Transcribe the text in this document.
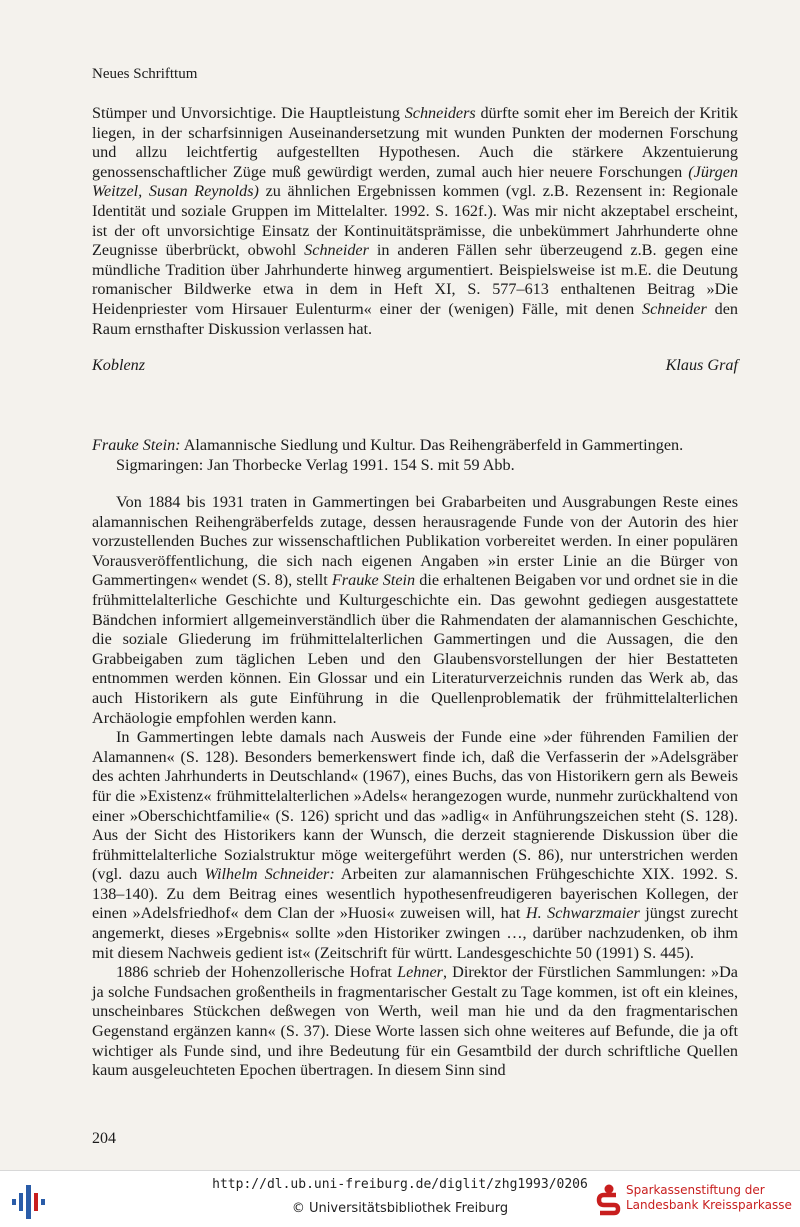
Neues Schrifttum

Stümper und Unvorsichtige. Die Hauptleistung Schneiders dürfte somit eher im Bereich der Kritik liegen, in der scharfsinnigen Auseinandersetzung mit wunden Punkten der modernen Forschung und allzu leichtfertig aufgestellten Hypothesen. Auch die stärkere Akzentuierung genossenschaftlicher Züge muß gewürdigt werden, zumal auch hier neuere Forschungen (Jürgen Weitzel, Susan Reynolds) zu ähnlichen Ergebnissen kommen (vgl. z.B. Rezensent in: Regionale Identität und soziale Gruppen im Mittelalter. 1992. S. 162f.). Was mir nicht akzeptabel erscheint, ist der oft unvorsichtige Einsatz der Kontinuitätsprämisse, die unbekümmert Jahrhunderte ohne Zeugnisse überbrückt, obwohl Schneider in anderen Fällen sehr überzeugend z.B. gegen eine mündliche Tradition über Jahrhunderte hinweg argumentiert. Beispielsweise ist m.E. die Deutung romanischer Bildwerke etwa in dem in Heft XI, S. 577–613 enthaltenen Beitrag »Die Heidenpriester vom Hirsauer Eulenturm« einer der (wenigen) Fälle, mit denen Schneider den Raum ernsthafter Diskussion verlassen hat.

Koblenz	Klaus Graf
Frauke Stein: Alamannische Siedlung und Kultur. Das Reihengräberfeld in Gammertingen.
Sigmaringen: Jan Thorbecke Verlag 1991. 154 S. mit 59 Abb.

Von 1884 bis 1931 traten in Gammertingen bei Grabarbeiten und Ausgrabungen Reste eines alamannischen Reihengräberfelds zutage, dessen herausragende Funde von der Autorin des hier vorzustellenden Buches zur wissenschaftlichen Publikation vorbereitet werden. In einer populären Vorausveröffentlichung, die sich nach eigenen Angaben »in erster Linie an die Bürger von Gammertingen« wendet (S. 8), stellt Frauke Stein die erhaltenen Beigaben vor und ordnet sie in die frühmittelalterliche Geschichte und Kulturgeschichte ein. Das gewohnt gediegen ausgestattete Bändchen informiert allgemeinverständlich über die Rahmendaten der alamannischen Geschichte, die soziale Gliederung im frühmittelalterlichen Gammertingen und die Aussagen, die den Grabbeigaben zum täglichen Leben und den Glaubensvorstellungen der hier Bestatteten entnommen werden können. Ein Glossar und ein Literaturverzeichnis runden das Werk ab, das auch Historikern als gute Einführung in die Quellenproblematik der frühmittelalterlichen Archäologie empfohlen werden kann.

In Gammertingen lebte damals nach Ausweis der Funde eine »der führenden Familien der Alamannen« (S. 128). Besonders bemerkenswert finde ich, daß die Verfasserin der »Adelsgräber des achten Jahrhunderts in Deutschland« (1967), eines Buchs, das von Historikern gern als Beweis für die »Existenz« frühmittelalterlichen »Adels« herangezogen wurde, nunmehr zurückhaltend von einer »Oberschichtfamilie« (S. 126) spricht und das »adlig« in Anführungszeichen steht (S. 128). Aus der Sicht des Historikers kann der Wunsch, die derzeit stagnierende Diskussion über die frühmittelalterliche Sozialstruktur möge weitergeführt werden (S. 86), nur unterstrichen werden (vgl. dazu auch Wilhelm Schneider: Arbeiten zur alamannischen Frühgeschichte XIX. 1992. S. 138–140). Zu dem Beitrag eines wesentlich hypothesenfreudigeren bayerischen Kollegen, der einen »Adelsfriedhof« dem Clan der »Huosi« zuweisen will, hat H. Schwarzmaier jüngst zurecht angemerkt, dieses »Ergebnis« sollte »den Historiker zwingen …, darüber nachzudenken, ob ihm mit diesem Nachweis gedient ist« (Zeitschrift für württ. Landesgeschichte 50 (1991) S. 445).

1886 schrieb der Hohenzollerische Hofrat Lehner, Direktor der Fürstlichen Sammlungen: »Da ja solche Fundsachen großentheils in fragmentarischer Gestalt zu Tage kommen, ist oft ein kleines, unscheinbares Stückchen deßwegen von Werth, weil man hie und da den fragmentarischen Gegenstand ergänzen kann« (S. 37). Diese Worte lassen sich ohne weiteres auf Befunde, die ja oft wichtiger als Funde sind, und ihre Bedeutung für ein Gesamtbild der durch schriftliche Quellen kaum ausgeleuchteten Epochen übertragen. In diesem Sinn sind

204
http://dl.ub.uni-freiburg.de/diglit/zhg1993/0206
© Universitätsbibliothek Freiburg
Sparkassenstiftung der
Landesbank Kreissparkasse
